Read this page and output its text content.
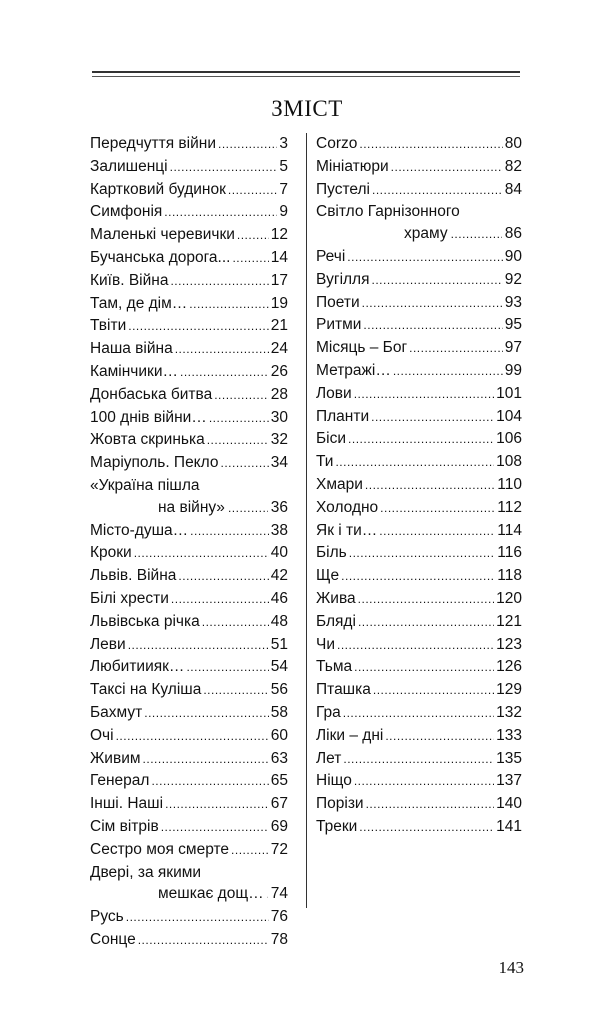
ЗМІСТ
Передчуття війни .....	3
Залишенці .....	5
Картковий будинок .....	7
Симфонія .....	9
Маленькі черевички ..... 12
Бучанська дорога... .....	14
Київ. Війна .....	17
Там, де дім… .....	19
Твіти .....	21
Наша війна .....	24
Камінчики… .....	26
Донбаська битва .....	28
100 днів війни… .....	30
Жовта скринька .....	32
Маріуполь. Пекло .....	34
«Україна пішла
на війну» .....	36
Місто-душа… .....	38
Кроки .....	40
Львів. Війна .....	42
Білі хрести .....	46
Львівська річка .....	48
Леви .....	51
Любитиияк… .....	54
Таксі на Куліша .....	56
Бахмут .....	58
Очі .....	60
Живим .....	63
Генерал .....	65
Інші. Наші .....	67
Сім вітрів .....	69
Сестро моя смерте .....	72
Двері, за якими
мешкає дощ… ..... 74
Русь .....	76
Сонце .....	78
Corzo .....	80
Мініатюри .....	82
Пустелі .....	84
Світло Гарнізонного
храму .....	86
Речі .....	90
Вугілля .....	92
Поети .....	93
Ритми .....	95
Місяць – Бог .....	97
Метражі… .....	99
Лови .....	101
Планти .....	104
Біси .....	106
Ти .....	108
Хмари .....	110
Холодно .....	112
Як і ти… .....	114
Біль .....	116
Ще .....	118
Жива .....	120
Бляді .....	121
Чи .....	123
Тьма .....	126
Пташка .....	129
Гра .....	132
Ліки – дні .....	133
Лет .....	135
Ніщо .....	137
Порізи .....	140
Треки .....	141
143
